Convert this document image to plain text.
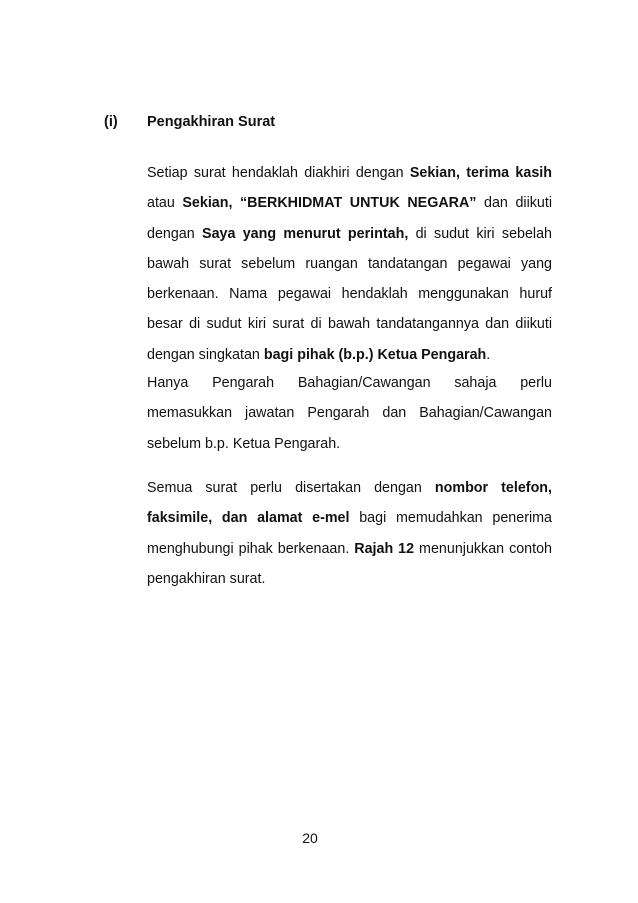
(i) Pengakhiran Surat

Setiap surat hendaklah diakhiri dengan Sekian, terima kasih atau Sekian, “BERKHIDMAT UNTUK NEGARA” dan diikuti dengan Saya yang menurut perintah, di sudut kiri sebelah bawah surat sebelum ruangan tandatangan pegawai yang berkenaan. Nama pegawai hendaklah menggunakan huruf besar di sudut kiri surat di bawah tandatangannya dan diikuti dengan singkatan bagi pihak (b.p.) Ketua Pengarah.

Hanya Pengarah Bahagian/Cawangan sahaja perlu memasukkan jawatan Pengarah dan Bahagian/Cawangan sebelum b.p. Ketua Pengarah.

Semua surat perlu disertakan dengan nombor telefon, faksimile, dan alamat e-mel bagi memudahkan penerima menghubungi pihak berkenaan. Rajah 12 menunjukkan contoh pengakhiran surat.

20
